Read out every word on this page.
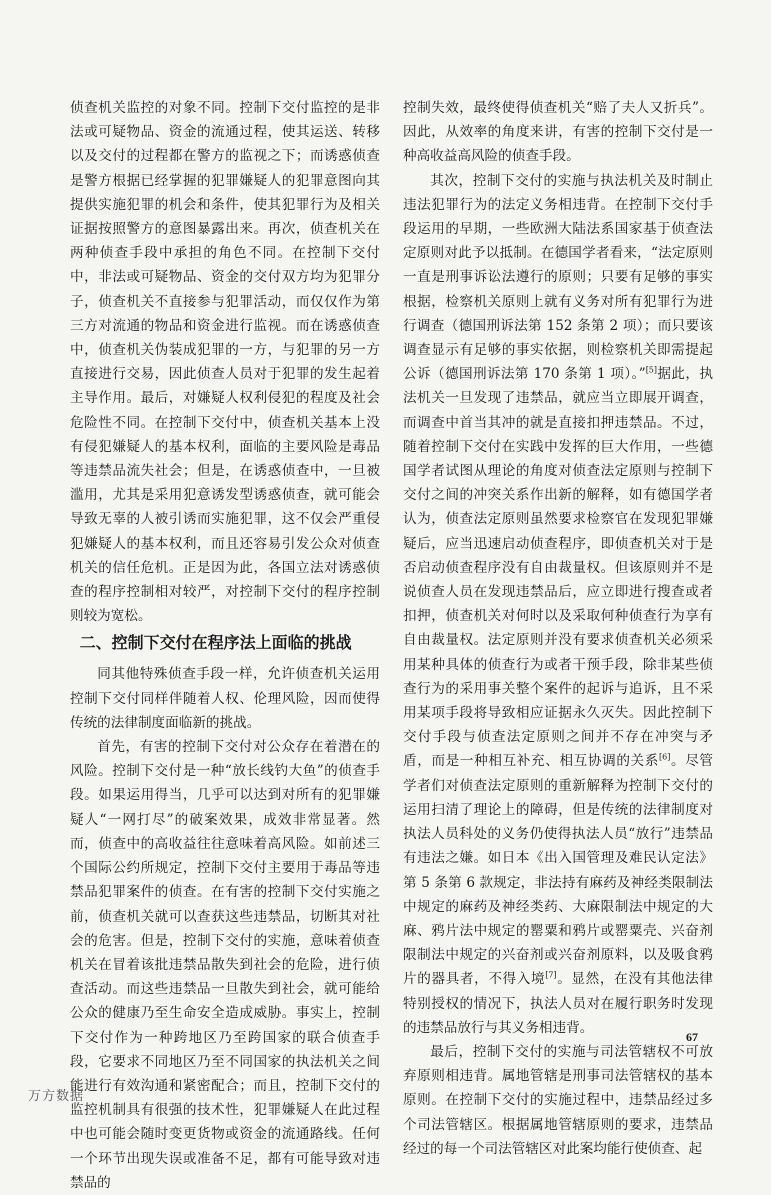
侦查机关监控的对象不同。控制下交付监控的是非法或可疑物品、资金的流通过程，使其运送、转移以及交付的过程都在警方的监视之下；而诱惑侦查是警方根据已经掌握的犯罪嫌疑人的犯罪意图向其提供实施犯罪的机会和条件，使其犯罪行为及相关证据按照警方的意图暴露出来。再次，侦查机关在两种侦查手段中承担的角色不同。在控制下交付中，非法或可疑物品、资金的交付双方均为犯罪分子，侦查机关不直接参与犯罪活动，而仅仅作为第三方对流通的物品和资金进行监视。而在诱惑侦查中，侦查机关伪装成犯罪的一方，与犯罪的另一方直接进行交易，因此侦查人员对于犯罪的发生起着主导作用。最后，对嫌疑人权利侵犯的程度及社会危险性不同。在控制下交付中，侦查机关基本上没有侵犯嫌疑人的基本权利，面临的主要风险是毒品等违禁品流失社会；但是，在诱惑侦查中，一旦被滥用，尤其是采用犯意诱发型诱惑侦查，就可能会导致无辜的人被引诱而实施犯罪，这不仅会严重侵犯嫌疑人的基本权利，而且还容易引发公众对侦查机关的信任危机。正是因为此，各国立法对诱惑侦查的程序控制相对较严，对控制下交付的程序控制则较为宽松。

二、控制下交付在程序法上面临的挑战

同其他特殊侦查手段一样，允许侦查机关运用控制下交付同样伴随着人权、伦理风险，因而使得传统的法律制度面临新的挑战。

首先，有害的控制下交付对公众存在着潜在的风险。控制下交付是一种“放长线钓大鱼”的侦查手段。如果运用得当，几乎可以达到对所有的犯罪嫌疑人“一网打尽”的破案效果，成效非常显著。然而，侦查中的高收益往往意味着高风险。如前述三个国际公约所规定，控制下交付主要用于毒品等违禁品犯罪案件的侦查。在有害的控制下交付实施之前，侦查机关就可以查获这些违禁品，切断其对社会的危害。但是，控制下交付的实施，意味着侦查机关在冒着该批违禁品散失到社会的危险，进行侦查活动。而这些违禁品一旦散失到社会，就可能给公众的健康乃至生命安全造成威胁。事实上，控制下交付作为一种跨地区乃至跨国家的联合侦查手段，它要求不同地区乃至不同国家的执法机关之间能进行有效沟通和紧密配合；而且，控制下交付的监控机制具有很强的技术性，犯罪嫌疑人在此过程中也可能会随时变更货物或资金的流通路线。任何一个环节出现失误或准备不足，都有可能导致对违禁品的

控制失效，最终使得侦查机关“赔了夫人又折兵”。因此，从效率的角度来讲，有害的控制下交付是一种高收益高风险的侦查手段。

其次，控制下交付的实施与执法机关及时制止违法犯罪行为的法定义务相违背。在控制下交付手段运用的早期，一些欧洲大陆法系国家基于侦查法定原则对此予以抵制。在德国学者看来，“法定原则一直是刑事诉讼法遵行的原则；只要有足够的事实根据，检察机关原则上就有义务对所有犯罪行为进行调查（德国刑诉法第 152 条第 2 项）；而只要该调查显示有足够的事实依据，则检察机关即需提起公诉（德国刑诉法第 170 条第 1 项）。”[5]据此，执法机关一旦发现了违禁品，就应当立即展开调查，而调查中首当其冲的就是直接扣押违禁品。不过，随着控制下交付在实践中发挥的巨大作用，一些德国学者试图从理论的角度对侦查法定原则与控制下交付之间的冲突关系作出新的解释，如有德国学者认为，侦查法定原则虽然要求检察官在发现犯罪嫌疑后，应当迅速启动侦查程序，即侦查机关对于是否启动侦查程序没有自由裁量权。但该原则并不是说侦查人员在发现违禁品后，应立即进行搜查或者扣押，侦查机关对何时以及采取何种侦查行为享有自由裁量权。法定原则并没有要求侦查机关必须采用某种具体的侦查行为或者干预手段，除非某些侦查行为的采用事关整个案件的起诉与追诉，且不采用某项手段将导致相应证据永久灭失。因此控制下交付手段与侦查法定原则之间并不存在冲突与矛盾，而是一种相互补充、相互协调的关系[6]。尽管学者们对侦查法定原则的重新解释为控制下交付的运用扫清了理论上的障碍，但是传统的法律制度对执法人员科处的义务仍使得执法人员“放行”违禁品有违法之嫌。如日本《出入国管理及难民认定法》第 5 条第 6 款规定，非法持有麻药及神经类限制法中规定的麻药及神经类药、大麻限制法中规定的大麻、鸦片法中规定的罂粟和鸦片或罂粟壳、兴奋剂限制法中规定的兴奋剂或兴奋剂原料，以及吸食鸦片的器具者，不得入境[7]。显然，在没有其他法律特别授权的情况下，执法人员对在履行职务时发现的违禁品放行与其义务相违背。

最后，控制下交付的实施与司法管辖权不可放弃原则相违背。属地管辖是刑事司法管辖权的基本原则。在控制下交付的实施过程中，违禁品经过多个司法管辖区。根据属地管辖原则的要求，违禁品经过的每一个司法管辖区对此案均能行使侦查、起

67
万方数据
